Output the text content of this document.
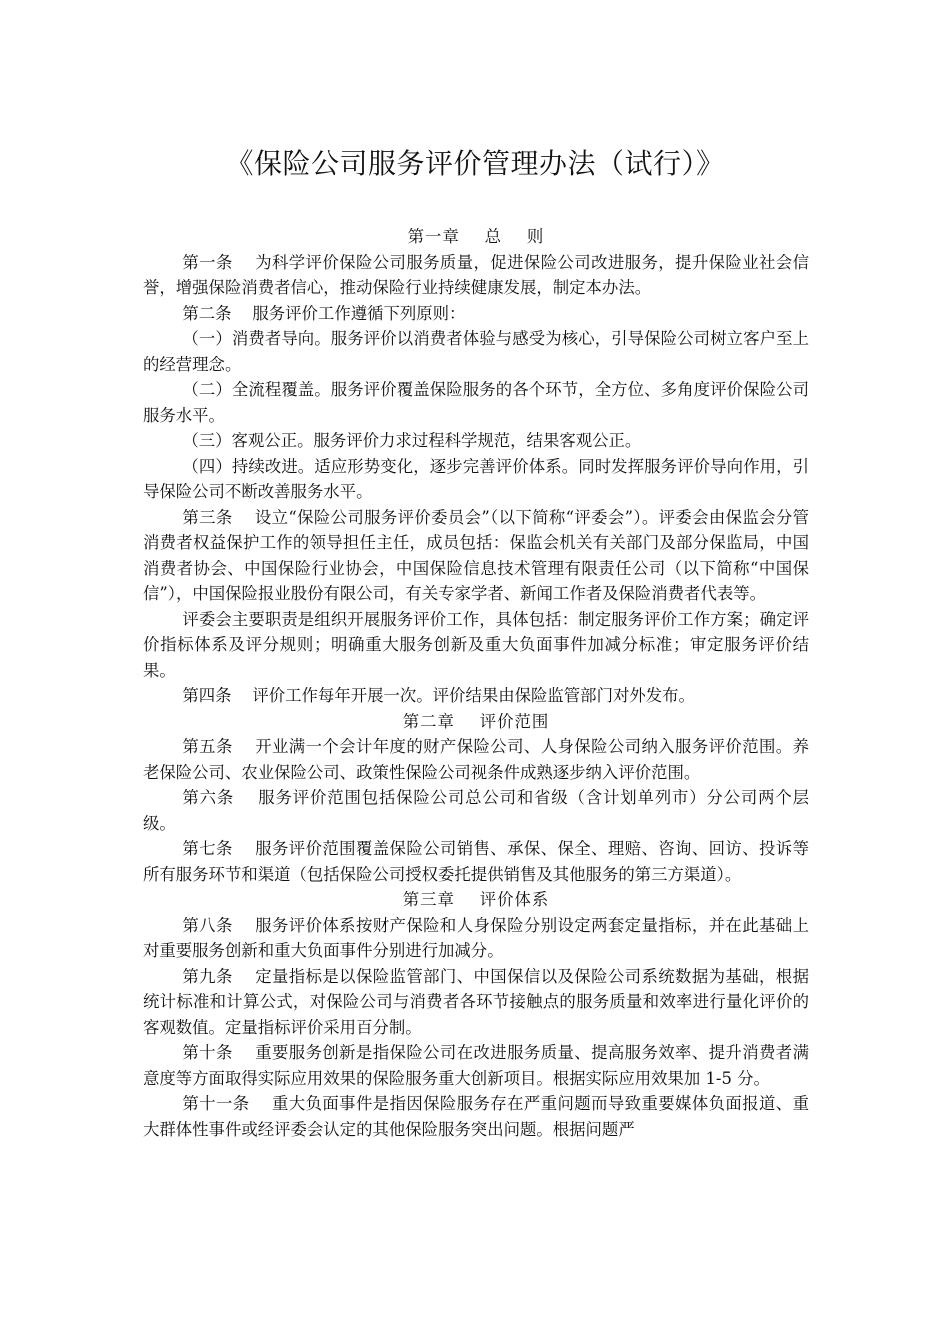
《保险公司服务评价管理办法（试行）》
第一章    总    则

第一条    为科学评价保险公司服务质量，促进保险公司改进服务，提升保险业社会信誉，增强保险消费者信心，推动保险行业持续健康发展，制定本办法。

第二条    服务评价工作遵循下列原则：

（一）消费者导向。服务评价以消费者体验与感受为核心，引导保险公司树立客户至上的经营理念。

（二）全流程覆盖。服务评价覆盖保险服务的各个环节，全方位、多角度评价保险公司服务水平。

（三）客观公正。服务评价力求过程科学规范，结果客观公正。

（四）持续改进。适应形势变化，逐步完善评价体系。同时发挥服务评价导向作用，引导保险公司不断改善服务水平。

第三条    设立“保险公司服务评价委员会”（以下简称“评委会”）。评委会由保监会分管消费者权益保护工作的领导担任主任，成员包括：保监会机关有关部门及部分保监局，中国消费者协会、中国保险行业协会，中国保险信息技术管理有限责任公司（以下简称“中国保信”），中国保险报业股份有限公司，有关专家学者、新闻工作者及保险消费者代表等。

评委会主要职责是组织开展服务评价工作，具体包括：制定服务评价工作方案；确定评价指标体系及评分规则；明确重大服务创新及重大负面事件加减分标准；审定服务评价结果。

第四条    评价工作每年开展一次。评价结果由保险监管部门对外发布。

第二章    评价范围

第五条    开业满一个会计年度的财产保险公司、人身保险公司纳入服务评价范围。养老保险公司、农业保险公司、政策性保险公司视条件成熟逐步纳入评价范围。

第六条    服务评价范围包括保险公司总公司和省级（含计划单列市）分公司两个层级。

第七条    服务评价范围覆盖保险公司销售、承保、保全、理赔、咨询、回访、投诉等所有服务环节和渠道（包括保险公司授权委托提供销售及其他服务的第三方渠道）。

第三章    评价体系

第八条    服务评价体系按财产保险和人身保险分别设定两套定量指标，并在此基础上对重要服务创新和重大负面事件分别进行加减分。

第九条    定量指标是以保险监管部门、中国保信以及保险公司系统数据为基础，根据统计标准和计算公式，对保险公司与消费者各环节接触点的服务质量和效率进行量化评价的客观数值。定量指标评价采用百分制。

第十条    重要服务创新是指保险公司在改进服务质量、提高服务效率、提升消费者满意度等方面取得实际应用效果的保险服务重大创新项目。根据实际应用效果加 1-5 分。

第十一条    重大负面事件是指因保险服务存在严重问题而导致重要媒体负面报道、重大群体性事件或经评委会认定的其他保险服务突出问题。根据问题严
